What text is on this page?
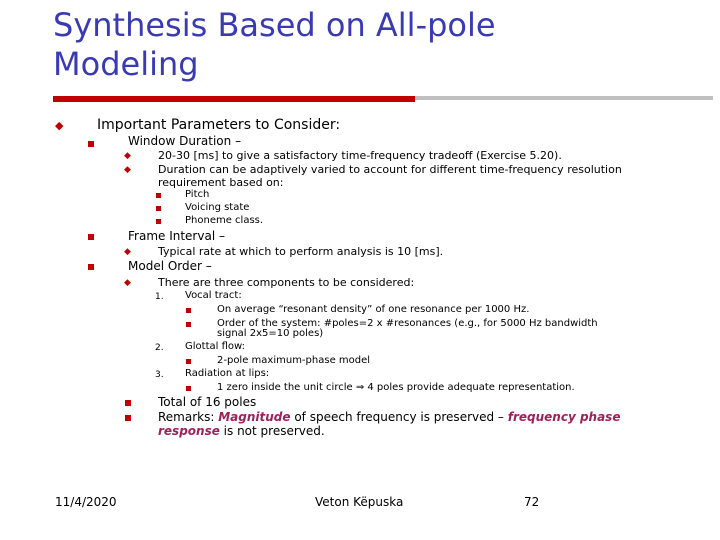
Synthesis Based on All-pole
Modeling
◆ Important Parameters to Consider:
Window Duration –
◆ 20-30 [ms] to give a satisfactory time-frequency tradeoff (Exercise 5.20).
◆ Duration can be adaptively varied to account for different time-frequency resolution
requirement based on:
Pitch
Voicing state
Phoneme class.
Frame Interval –
◆ Typical rate at which to perform analysis is 10 [ms].
Model Order –
◆ There are three components to be considered:
1. Vocal tract:
On average “resonant density” of one resonance per 1000 Hz.
Order of the system: #poles=2 x #resonances (e.g., for 5000 Hz bandwidth
signal 2x5=10 poles)
2. Glottal flow:
2-pole maximum-phase model
3. Radiation at lips:
1 zero inside the unit circle ⇒ 4 poles provide adequate representation.
Total of 16 poles
Remarks: Magnitude of speech frequency is preserved – frequency phase
response is not preserved.
11/4/2020	Veton Këpuska	72
